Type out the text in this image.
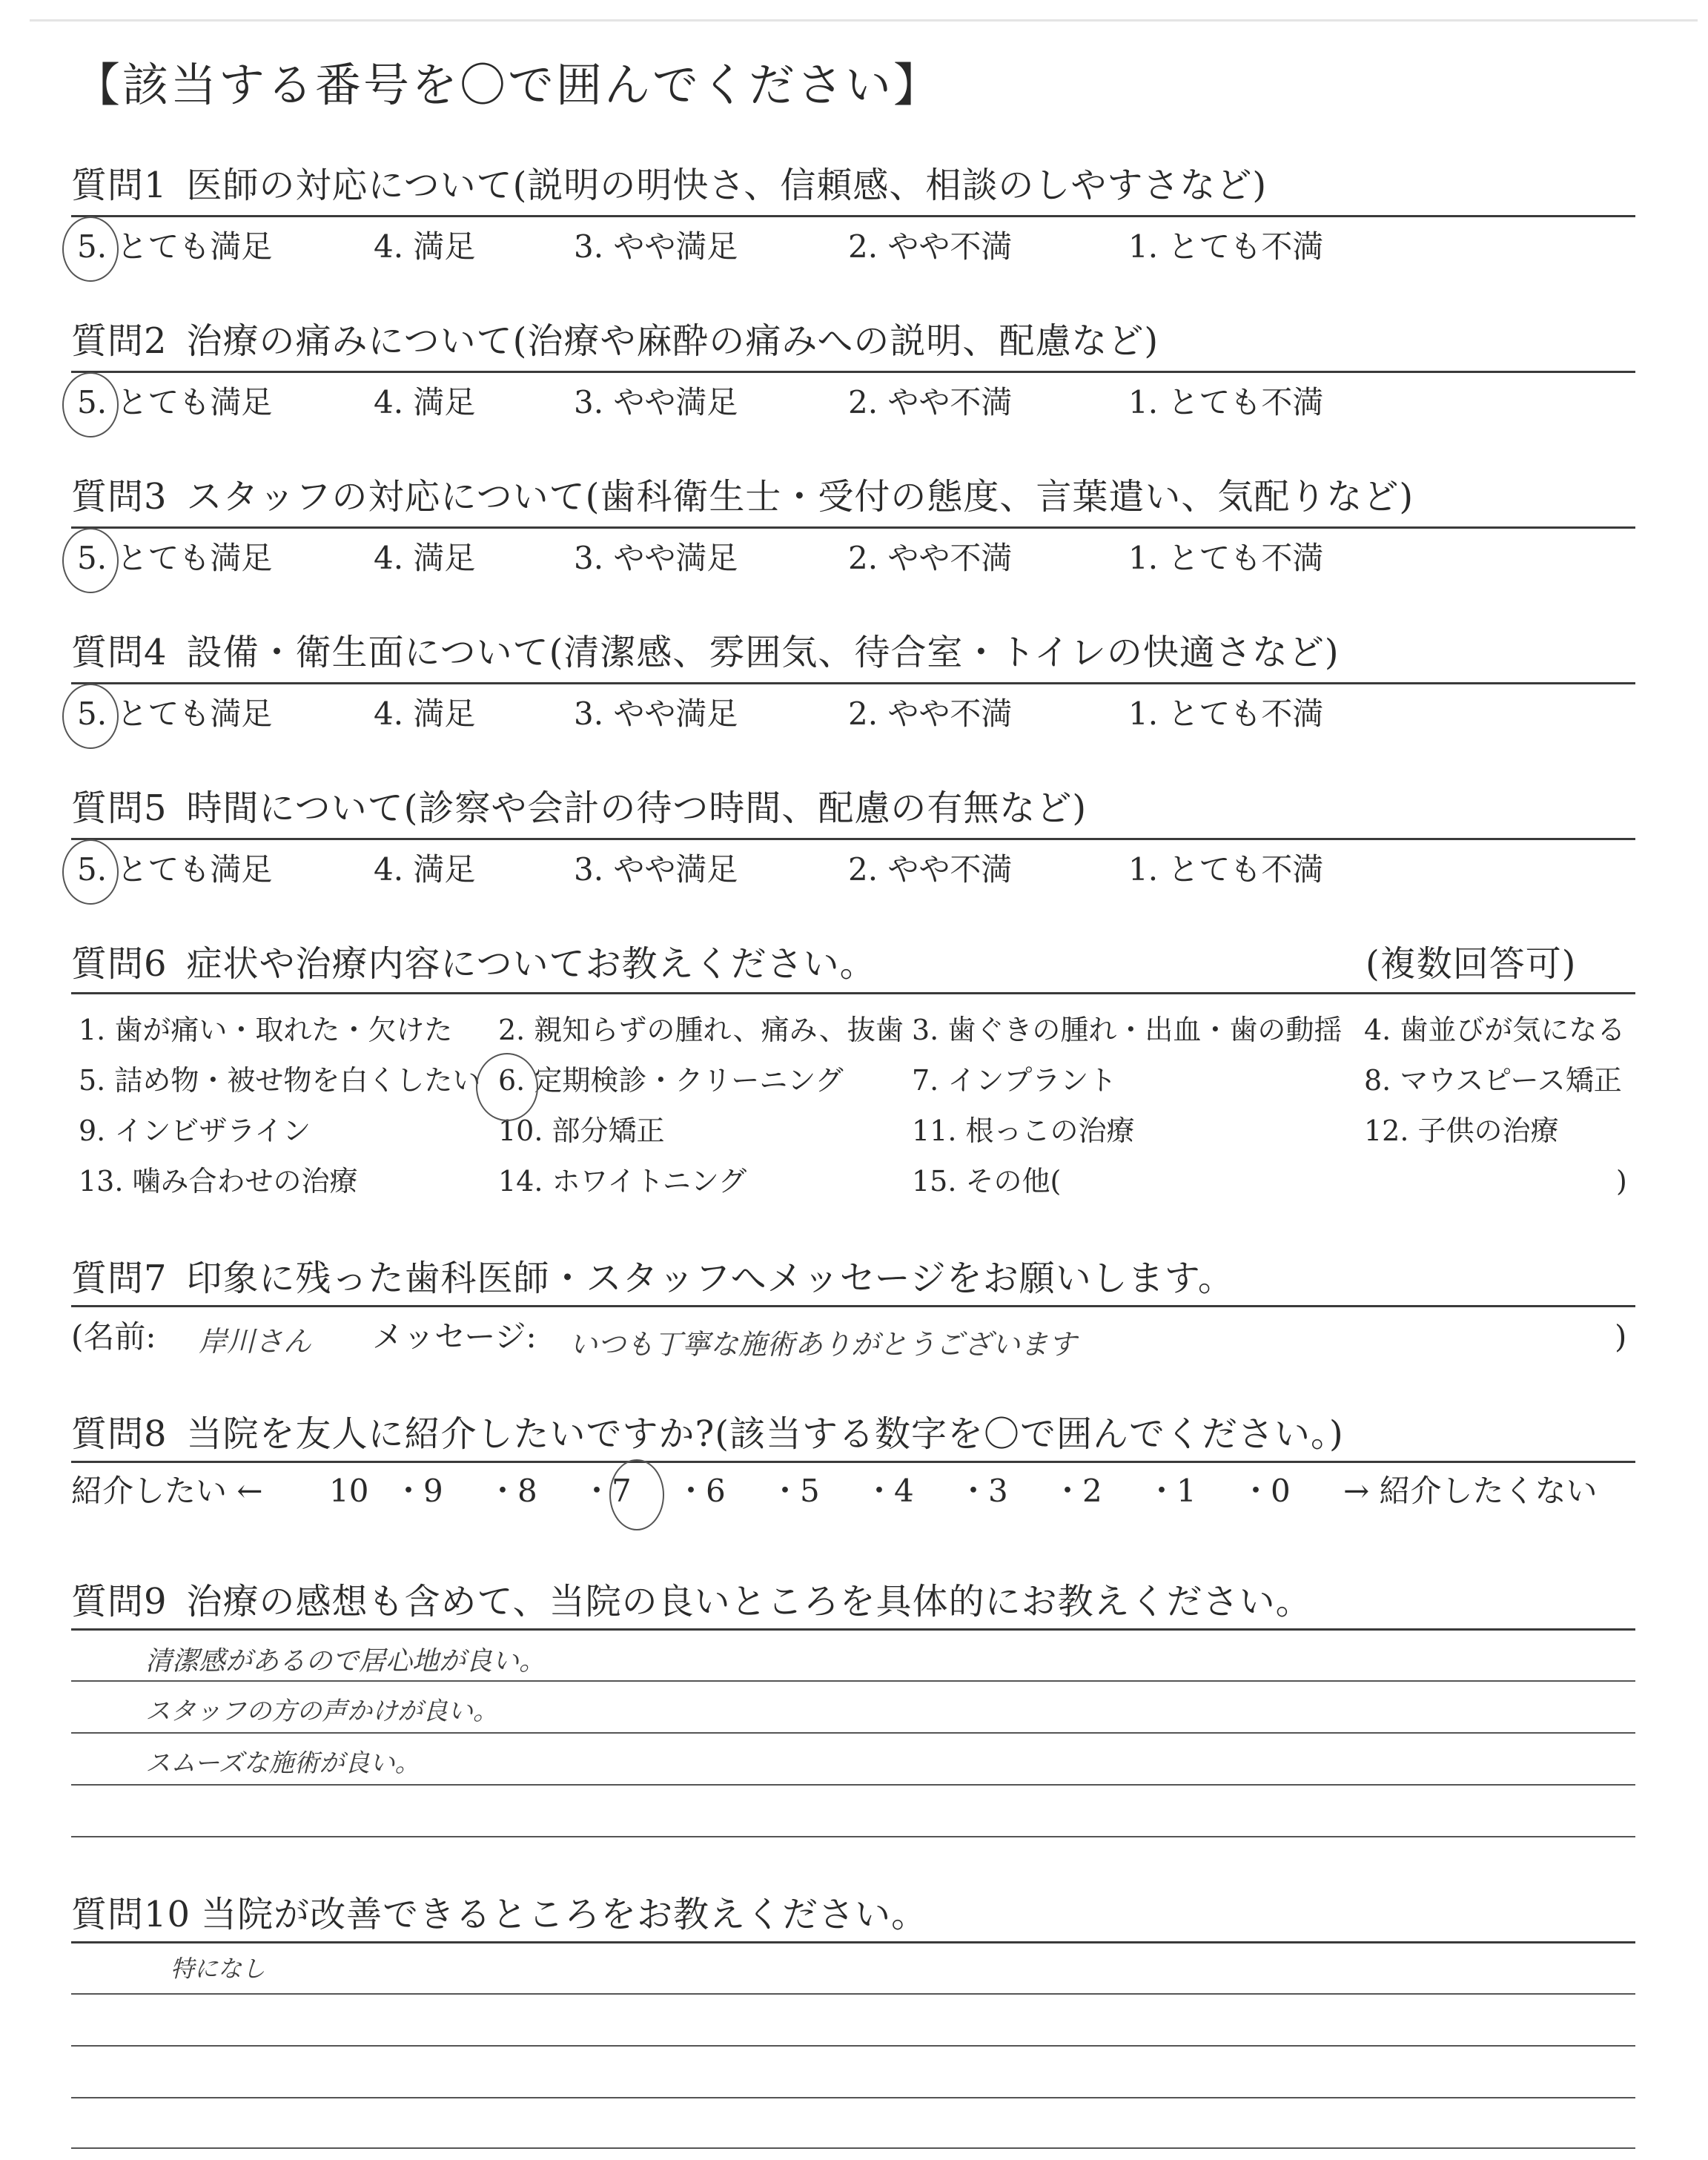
【該当する番号を〇で囲んでください】
質問1 医師の対応について(説明の明快さ、信頼感、相談のしやすさなど)
5. とても満足	4. 満足	3. やや満足	2. やや不満	1. とても不満
質問2 治療の痛みについて(治療や麻酔の痛みへの説明、配慮など)
5. とても満足	4. 満足	3. やや満足	2. やや不満	1. とても不満
質問3 スタッフの対応について(歯科衛生士・受付の態度、言葉遣い、気配りなど)
5. とても満足	4. 満足	3. やや満足	2. やや不満	1. とても不満
質問4 設備・衛生面について(清潔感、雰囲気、待合室・トイレの快適さなど)
5. とても満足	4. 満足	3. やや満足	2. やや不満	1. とても不満
質問5 時間について(診察や会計の待つ時間、配慮の有無など)
5. とても満足	4. 満足	3. やや満足	2. やや不満	1. とても不満
質問6 症状や治療内容についてお教えください。	(複数回答可)
1. 歯が痛い・取れた・欠けた 2. 親知らずの腫れ、痛み、抜歯 3. 歯ぐきの腫れ・出血・歯の動揺 4. 歯並びが気になる
5. 詰め物・被せ物を白くしたい 6. 定期検診・クリーニング 7. インプラント	8. マウスピース矯正
9. インビザライン	10. 部分矯正	11. 根っこの治療	12. 子供の治療
13. 噛み合わせの治療	14. ホワイトニング	15. その他(	)
質問7 印象に残った歯科医師・スタッフへメッセージをお願いします。
(名前: 岸川さん メッセージ: いつも丁寧な施術ありがとうございます	)
質問8 当院を友人に紹介したいですか?(該当する数字を〇で囲んでください。)
紹介したい ← 10 ・
9 ・
8 ・
7 ・
6 ・
5 ・
4 ・
3 ・
2 ・
1 ・
0 → 紹介したくない
質問9 治療の感想も含めて、当院の良いところを具体的にお教えください。
清潔感があるので居心地が良い。
スタッフの方の声かけが良い。
スムーズな施術が良い。
質問10 当院が改善できるところをお教えください。
特になし
